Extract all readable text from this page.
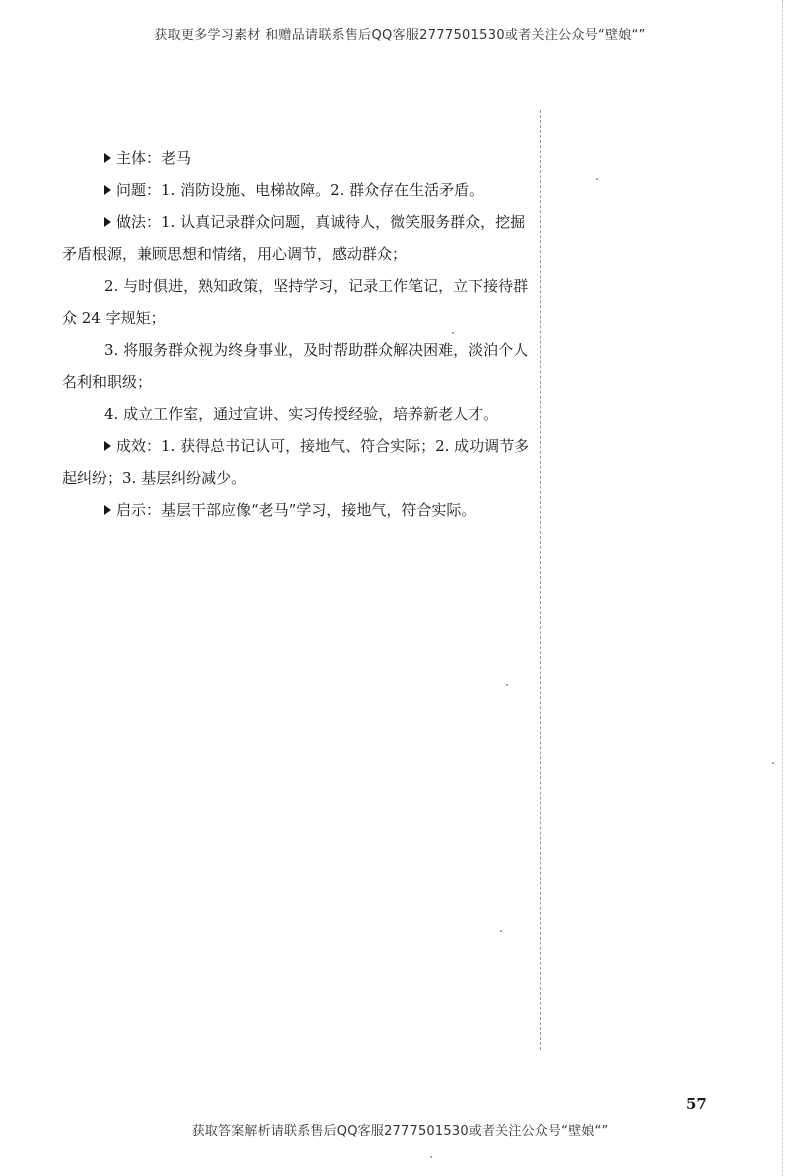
获取更多学习素材 和赠品请联系售后QQ客服2777501530或者关注公众号“壁娘“”

主体：老马

问题：1. 消防设施、电梯故障。2. 群众存在生活矛盾。

做法：1. 认真记录群众问题，真诚待人，微笑服务群众，挖掘矛盾根源，兼顾思想和情绪，用心调节，感动群众；

2. 与时俱进，熟知政策，坚持学习，记录工作笔记，立下接待群众 24 字规矩；

3. 将服务群众视为终身事业，及时帮助群众解决困难，淡泊个人名利和职级；

4. 成立工作室，通过宣讲、实习传授经验，培养新老人才。

成效：1. 获得总书记认可，接地气、符合实际；2. 成功调节多起纠纷；3. 基层纠纷减少。

启示：基层干部应像“老马”学习，接地气，符合实际。

57
获取答案解析请联系售后QQ客服2777501530或者关注公众号“壁娘“”
